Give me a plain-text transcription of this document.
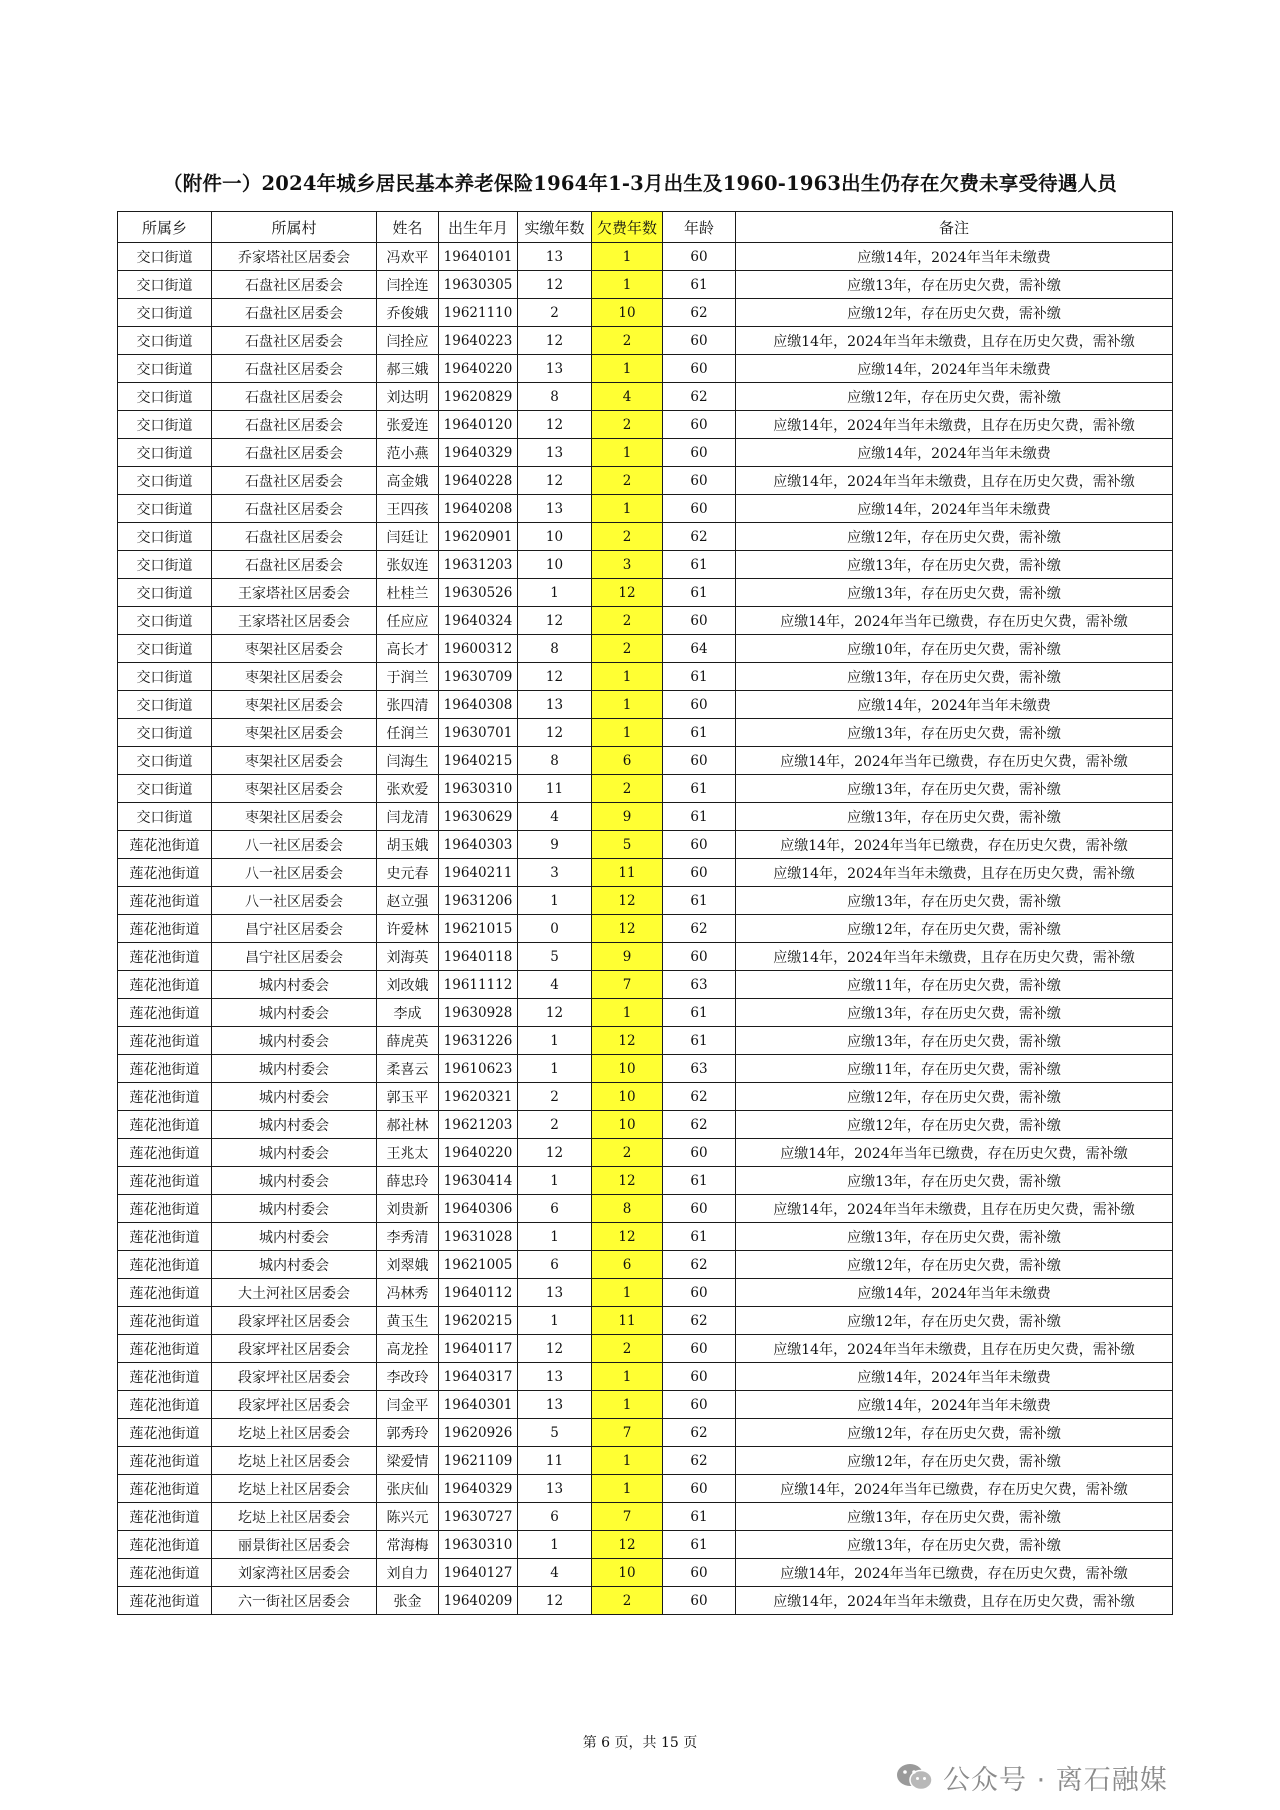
（附件一）2024年城乡居民基本养老保险1964年1-3月出生及1960-1963出生仍存在欠费未享受待遇人员
所属乡	所属村	姓名	出生年月	实缴年数	欠费年数	年龄	备注
交口街道	乔家塔社区居委会	冯欢平	19640101	13	1	60	应缴14年，2024年当年未缴费
交口街道	石盘社区居委会	闫拴连	19630305	12	1	61	应缴13年，存在历史欠费，需补缴
交口街道	石盘社区居委会	乔俊娥	19621110	2	10	62	应缴12年，存在历史欠费，需补缴
交口街道	石盘社区居委会	闫拴应	19640223	12	2	60	应缴14年，2024年当年未缴费，且存在历史欠费，需补缴
交口街道	石盘社区居委会	郝三娥	19640220	13	1	60	应缴14年，2024年当年未缴费
交口街道	石盘社区居委会	刘达明	19620829	8	4	62	应缴12年，存在历史欠费，需补缴
交口街道	石盘社区居委会	张爱连	19640120	12	2	60	应缴14年，2024年当年未缴费，且存在历史欠费，需补缴
交口街道	石盘社区居委会	范小燕	19640329	13	1	60	应缴14年，2024年当年未缴费
交口街道	石盘社区居委会	高金娥	19640228	12	2	60	应缴14年，2024年当年未缴费，且存在历史欠费，需补缴
交口街道	石盘社区居委会	王四孩	19640208	13	1	60	应缴14年，2024年当年未缴费
交口街道	石盘社区居委会	闫廷让	19620901	10	2	62	应缴12年，存在历史欠费，需补缴
交口街道	石盘社区居委会	张奴连	19631203	10	3	61	应缴13年，存在历史欠费，需补缴
交口街道	王家塔社区居委会	杜桂兰	19630526	1	12	61	应缴13年，存在历史欠费，需补缴
交口街道	王家塔社区居委会	任应应	19640324	12	2	60	应缴14年，2024年当年已缴费，存在历史欠费，需补缴
交口街道	枣架社区居委会	高长才	19600312	8	2	64	应缴10年，存在历史欠费，需补缴
交口街道	枣架社区居委会	于润兰	19630709	12	1	61	应缴13年，存在历史欠费，需补缴
交口街道	枣架社区居委会	张四清	19640308	13	1	60	应缴14年，2024年当年未缴费
交口街道	枣架社区居委会	任润兰	19630701	12	1	61	应缴13年，存在历史欠费，需补缴
交口街道	枣架社区居委会	闫海生	19640215	8	6	60	应缴14年，2024年当年已缴费，存在历史欠费，需补缴
交口街道	枣架社区居委会	张欢爱	19630310	11	2	61	应缴13年，存在历史欠费，需补缴
交口街道	枣架社区居委会	闫龙清	19630629	4	9	61	应缴13年，存在历史欠费，需补缴
莲花池街道	八一社区居委会	胡玉娥	19640303	9	5	60	应缴14年，2024年当年已缴费，存在历史欠费，需补缴
莲花池街道	八一社区居委会	史元春	19640211	3	11	60	应缴14年，2024年当年未缴费，且存在历史欠费，需补缴
莲花池街道	八一社区居委会	赵立强	19631206	1	12	61	应缴13年，存在历史欠费，需补缴
莲花池街道	昌宁社区居委会	许爱林	19621015	0	12	62	应缴12年，存在历史欠费，需补缴
莲花池街道	昌宁社区居委会	刘海英	19640118	5	9	60	应缴14年，2024年当年未缴费，且存在历史欠费，需补缴
莲花池街道	城内村委会	刘改娥	19611112	4	7	63	应缴11年，存在历史欠费，需补缴
莲花池街道	城内村委会	李成	19630928	12	1	61	应缴13年，存在历史欠费，需补缴
莲花池街道	城内村委会	薛虎英	19631226	1	12	61	应缴13年，存在历史欠费，需补缴
莲花池街道	城内村委会	柔喜云	19610623	1	10	63	应缴11年，存在历史欠费，需补缴
莲花池街道	城内村委会	郭玉平	19620321	2	10	62	应缴12年，存在历史欠费，需补缴
莲花池街道	城内村委会	郝社林	19621203	2	10	62	应缴12年，存在历史欠费，需补缴
莲花池街道	城内村委会	王兆太	19640220	12	2	60	应缴14年，2024年当年已缴费，存在历史欠费，需补缴
莲花池街道	城内村委会	薛忠玲	19630414	1	12	61	应缴13年，存在历史欠费，需补缴
莲花池街道	城内村委会	刘贵新	19640306	6	8	60	应缴14年，2024年当年未缴费，且存在历史欠费，需补缴
莲花池街道	城内村委会	李秀清	19631028	1	12	61	应缴13年，存在历史欠费，需补缴
莲花池街道	城内村委会	刘翠娥	19621005	6	6	62	应缴12年，存在历史欠费，需补缴
莲花池街道	大土河社区居委会	冯林秀	19640112	13	1	60	应缴14年，2024年当年未缴费
莲花池街道	段家坪社区居委会	黄玉生	19620215	1	11	62	应缴12年，存在历史欠费，需补缴
莲花池街道	段家坪社区居委会	高龙拴	19640117	12	2	60	应缴14年，2024年当年未缴费，且存在历史欠费，需补缴
莲花池街道	段家坪社区居委会	李改玲	19640317	13	1	60	应缴14年，2024年当年未缴费
莲花池街道	段家坪社区居委会	闫金平	19640301	13	1	60	应缴14年，2024年当年未缴费
莲花池街道	圪垯上社区居委会	郭秀玲	19620926	5	7	62	应缴12年，存在历史欠费，需补缴
莲花池街道	圪垯上社区居委会	梁爱情	19621109	11	1	62	应缴12年，存在历史欠费，需补缴
莲花池街道	圪垯上社区居委会	张庆仙	19640329	13	1	60	应缴14年，2024年当年已缴费，存在历史欠费，需补缴
莲花池街道	圪垯上社区居委会	陈兴元	19630727	6	7	61	应缴13年，存在历史欠费，需补缴
莲花池街道	丽景街社区居委会	常海梅	19630310	1	12	61	应缴13年，存在历史欠费，需补缴
莲花池街道	刘家湾社区居委会	刘自力	19640127	4	10	60	应缴14年，2024年当年已缴费，存在历史欠费，需补缴
莲花池街道	六一街社区居委会	张金	19640209	12	2	60	应缴14年，2024年当年未缴费，且存在历史欠费，需补缴
第 6 页，共 15 页
公众号 · 离石融媒
